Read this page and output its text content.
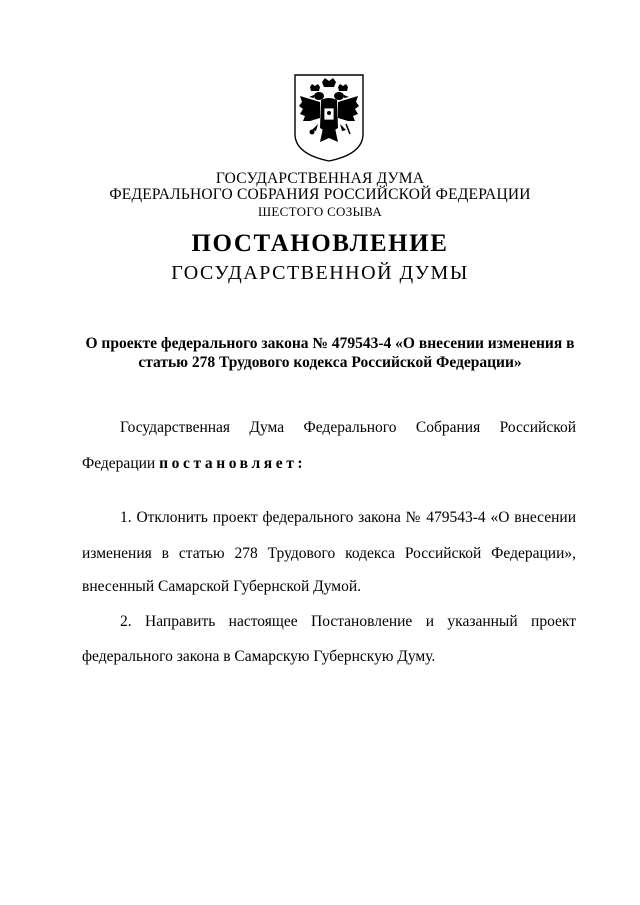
ГОСУДАРСТВЕННАЯ ДУМА
ФЕДЕРАЛЬНОГО СОБРАНИЯ РОССИЙСКОЙ ФЕДЕРАЦИИ
ШЕСТОГО СОЗЫВА
ПОСТАНОВЛЕНИЕ
ГОСУДАРСТВЕННОЙ ДУМЫ
О проекте федерального закона № 479543-4 «О внесении изменения в
статью 278 Трудового кодекса Российской Федерации»
Государственная Дума Федерального Собрания Российской
Федерации постановляет:
1. Отклонить проект федерального закона № 479543-4 «О внесении
изменения в статью 278 Трудового кодекса Российской Федерации»,
внесенный Самарской Губернской Думой.
2. Направить настоящее Постановление и указанный проект
федерального закона в Самарскую Губернскую Думу.
